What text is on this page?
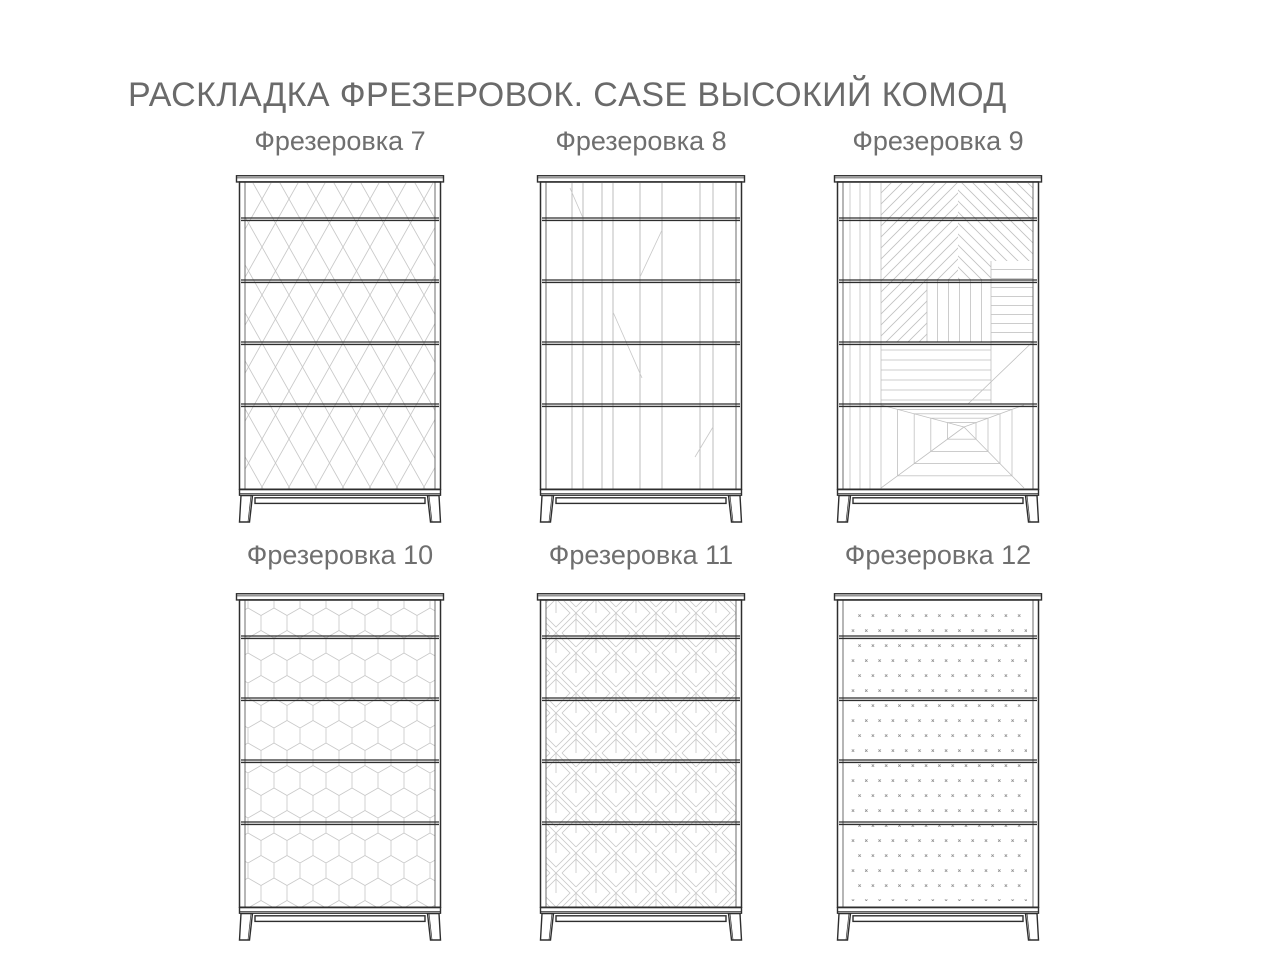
РАСКЛАДКА ФРЕЗЕРОВОК. CASE ВЫСОКИЙ КОМОД
Фрезеровка 7	Фрезеровка 8	Фрезеровка 9
Фрезеровка 10	Фрезеровка 11	Фрезеровка 12
